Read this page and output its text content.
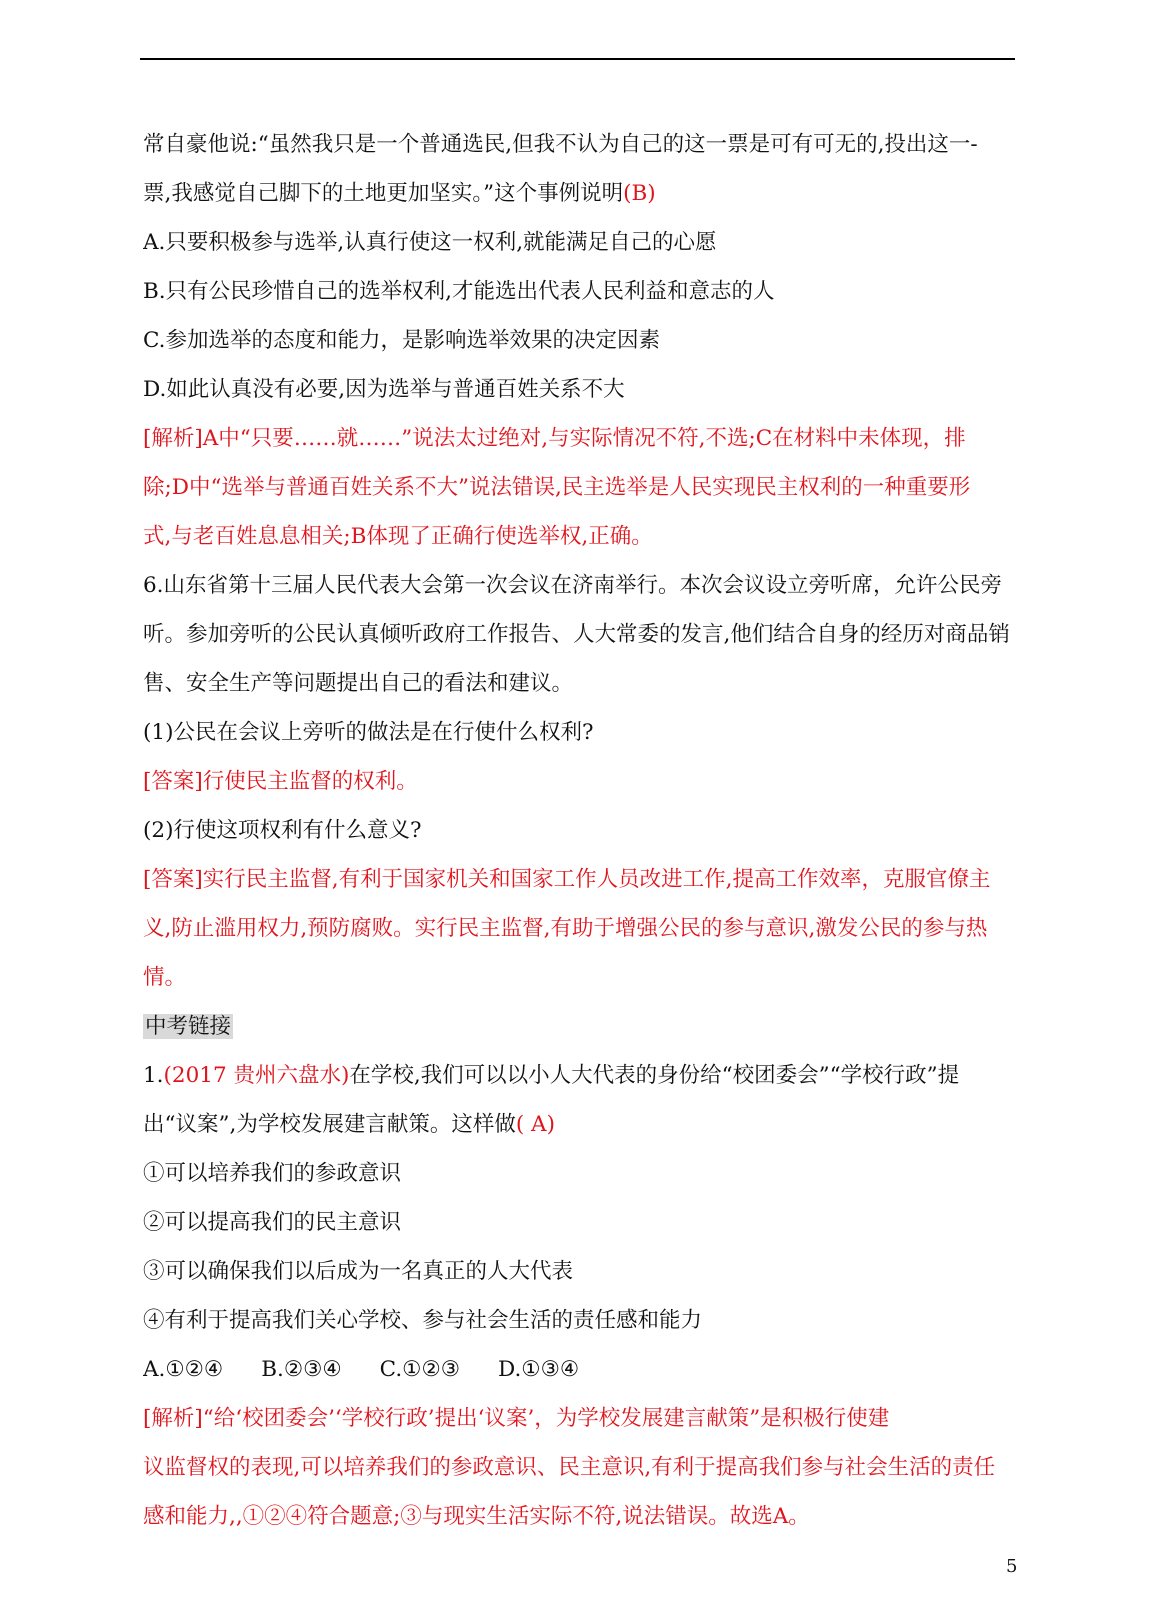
常自豪他说:“虽然我只是一个普通选民,但我不认为自己的这一票是可有可无的,投出这一-
票,我感觉自己脚下的土地更加坚实。”这个事例说明(B)
A.只要积极参与选举,认真行使这一权利,就能满足自己的心愿
B.只有公民珍惜自己的选举权利,才能选出代表人民利益和意志的人
C.参加选举的态度和能力，是影响选举效果的决定因素
D.如此认真没有必要,因为选举与普通百姓关系不大
[解析]A中“只要……就……”说法太过绝对,与实际情况不符,不选;C在材料中未体现，排
除;D中“选举与普通百姓关系不大”说法错误,民主选举是人民实现民主权利的一种重要形
式,与老百姓息息相关;B体现了正确行使选举权,正确。
6.山东省第十三届人民代表大会第一次会议在济南举行。本次会议设立旁听席，允许公民旁
听。参加旁听的公民认真倾听政府工作报告、人大常委的发言,他们结合自身的经历对商品销
售、安全生产等问题提出自己的看法和建议。
(1)公民在会议上旁听的做法是在行使什么权利?
[答案]行使民主监督的权利。
(2)行使这项权利有什么意义?
[答案]实行民主监督,有利于国家机关和国家工作人员改进工作,提高工作效率，克服官僚主
义,防止滥用权力,预防腐败。实行民主监督,有助于增强公民的参与意识,激发公民的参与热
情。
中考链接
1.(2017 贵州六盘水)在学校,我们可以以小人大代表的身份给“校团委会”“学校行政”提
出“议案”,为学校发展建言献策。这样做( A)
①可以培养我们的参政意识
②可以提高我们的民主意识
③可以确保我们以后成为一名真正的人大代表
④有利于提高我们关心学校、参与社会生活的责任感和能力
A.①②④ B.②③④ C.①②③ D.①③④
[解析]“给‘校团委会’‘学校行政’提出‘议案’，为学校发展建言献策”是积极行使建
议监督权的表现,可以培养我们的参政意识、民主意识,有利于提高我们参与社会生活的责任
感和能力,,①②④符合题意;③与现实生活实际不符,说法错误。故选A。
5
